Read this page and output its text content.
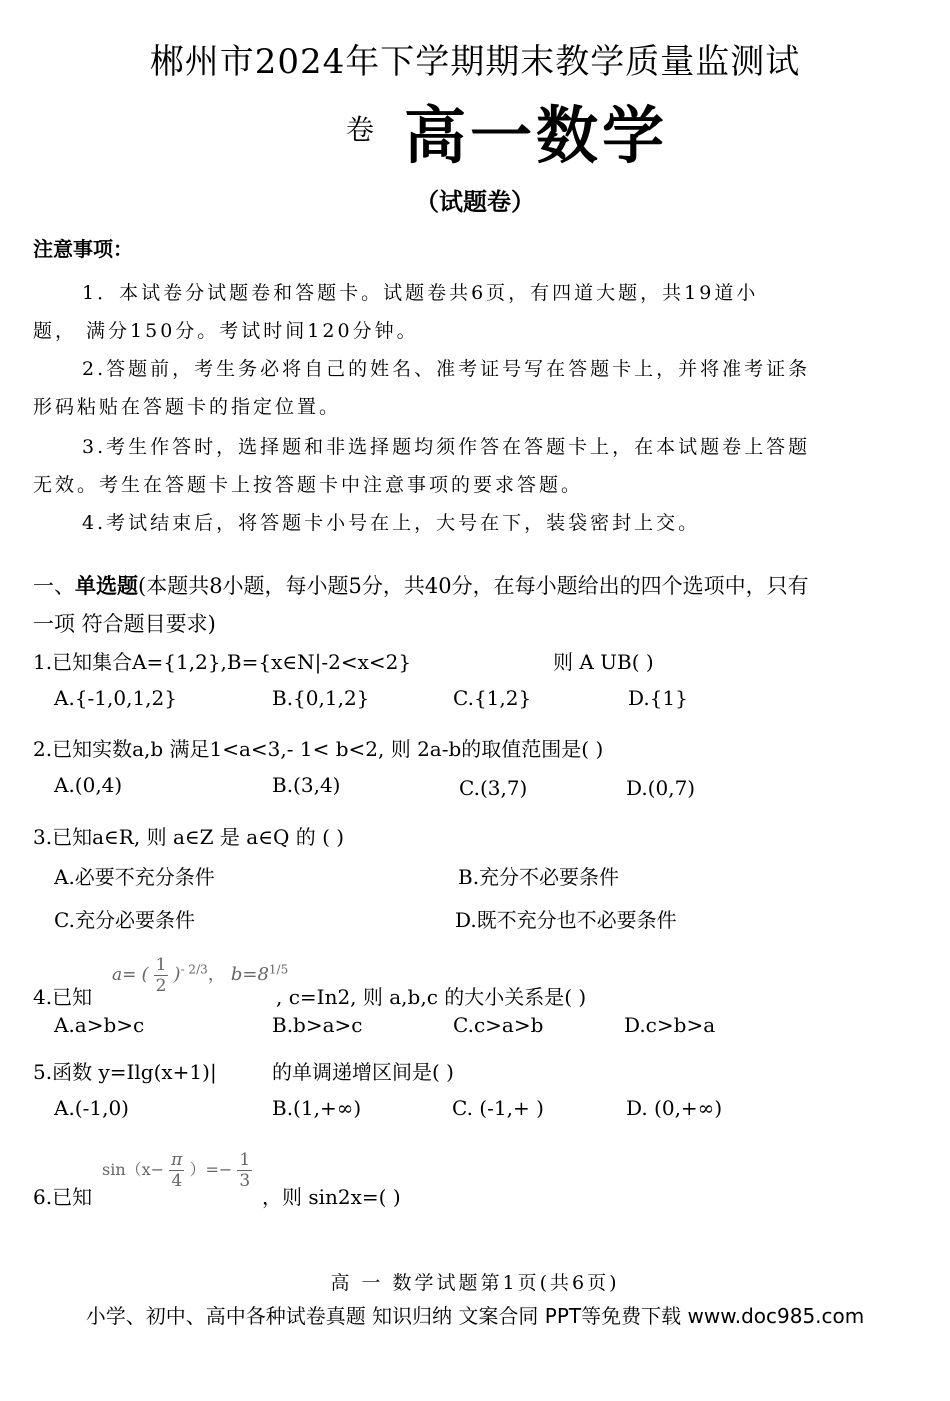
郴州市2024年下学期期末教学质量监测试
卷 高一数学
（试题卷）
注意事项：
1．本试卷分试题卷和答题卡。试题卷共6页，有四道大题，共19道小
题， 满分150分。考试时间120分钟。
2.答题前，考生务必将自己的姓名、准考证号写在答题卡上，并将准考证条
形码粘贴在答题卡的指定位置。
3.考生作答时，选择题和非选择题均须作答在答题卡上，在本试题卷上答题
无效。考生在答题卡上按答题卡中注意事项的要求答题。
4.考试结束后，将答题卡小号在上，大号在下，装袋密封上交。
一、单选题(本题共8小题，每小题5分，共40分，在每小题给出的四个选项中，只有
一项 符合题目要求)
1.已知集合A={1,2},B={x∈N|-2<x<2}	则 A UB( )
A.{-1,0,1,2}	B.{0,1,2}	C.{1,2}	D.{1}
2.已知实数a,b 满足1<a<3,- 1< b<2, 则 2a-b的取值范围是( )
A.(0,4)	B.(3,4)	C.(3,7)	D.(0,7)
3.已知a∈R, 则 a∈Z 是 a∈Q 的 ( )
A.必要不充分条件	B.充分不必要条件
C.充分必要条件	D.既不充分也不必要条件
4.已知
a= ( $\frac{1}{2} )^{- 2/3}$， $b=8^{1/5}$
, c=In2, 则 a,b,c 的大小关系是( )
A.a>b>c	B.b>a>c	C.c>a>b	D.c>b>a
5.函数 y=Ilg(x+1)|	的单调递增区间是( )
A.(-1,0)	B.(1,+∞)	C. (-1,+ )	D. (0,+∞)
6.已知
$\sin(x- \frac{\pi}{4}$ ）=− $\frac{1}{3}$
，则 sin2x=( )
高 一 数学试题第1页(共6页)
小学、初中、高中各种试卷真题 知识归纳 文案合同 PPT等免费下载 www.doc985.com
